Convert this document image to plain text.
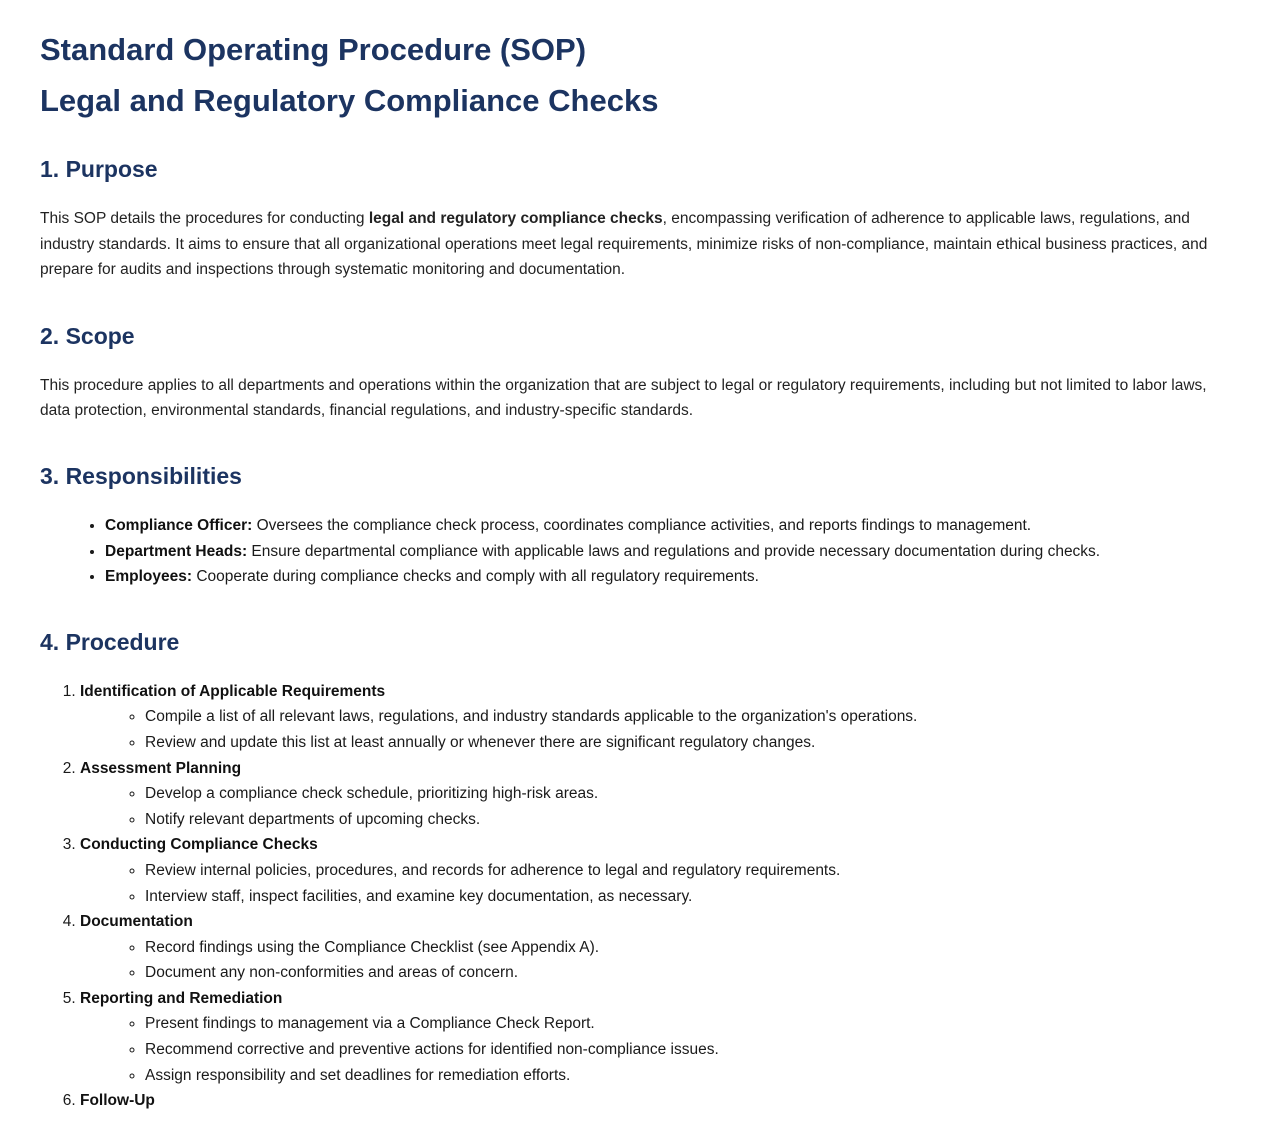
Standard Operating Procedure (SOP)
Legal and Regulatory Compliance Checks
1. Purpose

This SOP details the procedures for conducting legal and regulatory compliance checks, encompassing verification of adherence to applicable laws, regulations, and industry standards. It aims to ensure that all organizational operations meet legal requirements, minimize risks of non-compliance, maintain ethical business practices, and prepare for audits and inspections through systematic monitoring and documentation.

2. Scope

This procedure applies to all departments and operations within the organization that are subject to legal or regulatory requirements, including but not limited to labor laws, data protection, environmental standards, financial regulations, and industry-specific standards.

3. Responsibilities
• Compliance Officer: Oversees the compliance check process, coordinates compliance activities, and reports findings to management.
• Department Heads: Ensure departmental compliance with applicable laws and regulations and provide necessary documentation during checks.
• Employees: Cooperate during compliance checks and comply with all regulatory requirements.
4. Procedure
1. Identification of Applicable Requirements
◦ Compile a list of all relevant laws, regulations, and industry standards applicable to the organization's operations.
◦ Review and update this list at least annually or whenever there are significant regulatory changes.
2. Assessment Planning
◦ Develop a compliance check schedule, prioritizing high-risk areas.
◦ Notify relevant departments of upcoming checks.
3. Conducting Compliance Checks
◦ Review internal policies, procedures, and records for adherence to legal and regulatory requirements.
◦ Interview staff, inspect facilities, and examine key documentation, as necessary.
4. Documentation
◦ Record findings using the Compliance Checklist (see Appendix A).
◦ Document any non-conformities and areas of concern.
5. Reporting and Remediation
◦ Present findings to management via a Compliance Check Report.
◦ Recommend corrective and preventive actions for identified non-compliance issues.
◦ Assign responsibility and set deadlines for remediation efforts.
6. Follow-Up
